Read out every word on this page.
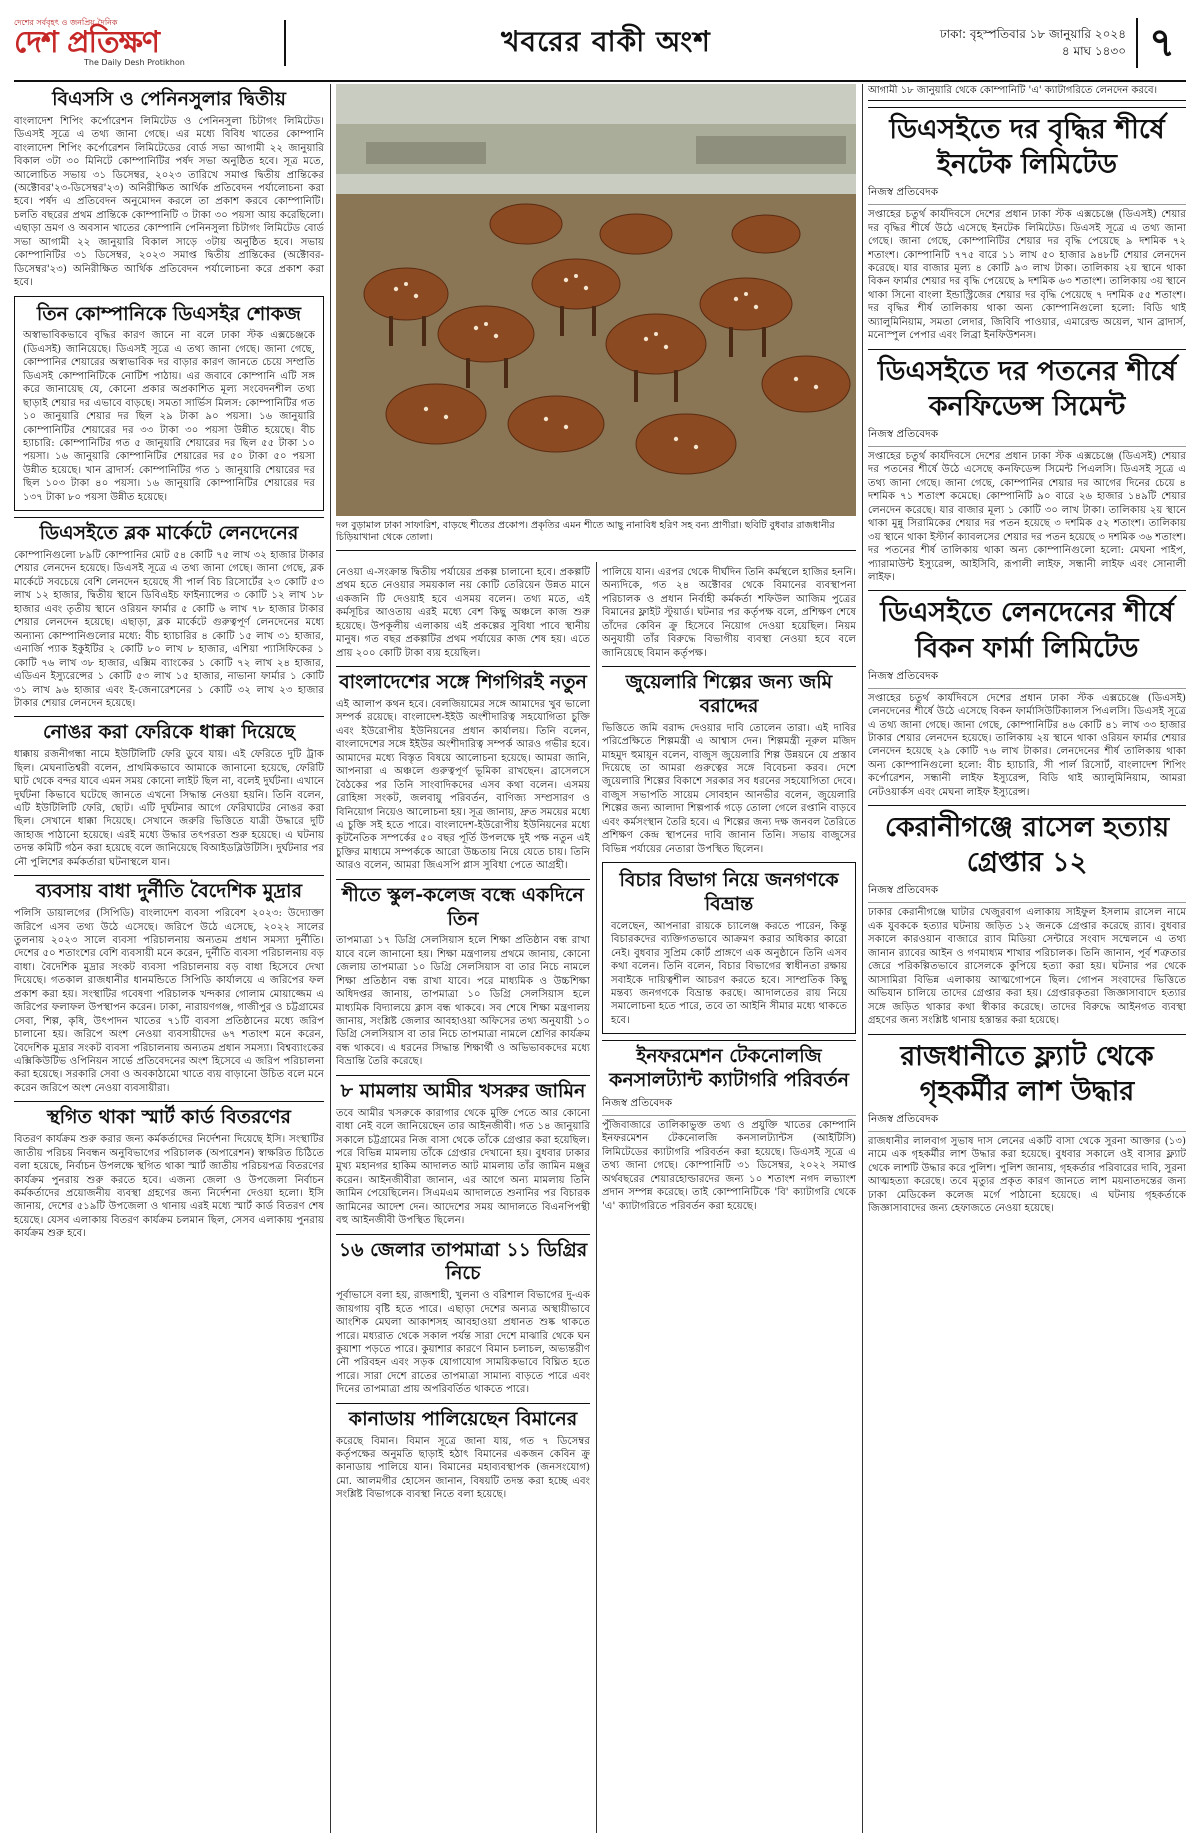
দেশের সর্ববৃহৎ ও জনপ্রিয় দৈনিক
দেশ প্রতিক্ষণ
The Daily Desh Protikhon
খবরের বাকী অংশ	ঢাকা: বৃহস্পতিবার ১৮ জানুয়ারি ২০২৪
৪ মাঘ ১৪৩০ ৭
বিএসসি ও পেনিনসুলার দ্বিতীয়
বাংলাদেশ শিপিং কর্পোরেশন লিমিটেড ও পেনিনসুলা চিটাগং লিমিটেড। ডিএসই সূত্রে এ তথ্য জানা গেছে। এর মধ্যে বিবিধ খাতের কোম্পানি বাংলাদেশ শিপিং কর্পোরেশন লিমিটেডের বোর্ড সভা আগামী ২২ জানুয়ারি বিকাল ৩টা ৩০ মিনিটে কোম্পানিটির পর্ষদ সভা অনুষ্ঠিত হবে। সূত্র মতে, আলোচিত সভায় ৩১ ডিসেম্বর, ২০২৩ তারিখে সমাপ্ত দ্বিতীয় প্রান্তিকের (অক্টোবর'২৩-ডিসেম্বর'২৩) অনিরীক্ষিত আর্থিক প্রতিবেদন পর্যালোচনা করা হবে। পর্ষদ এ প্রতিবেদন অনুমোদন করলে তা প্রকাশ করবে কোম্পানিটি। চলতি বছরের প্রথম প্রান্তিকে কোম্পানিটি ৩ টাকা ৩০ পয়সা আয় করেছিলো। এছাড়া ভ্রমণ ও অবসান খাতের কোম্পানি পেনিনসুলা চিটাগং লিমিটেড বোর্ড সভা আগামী ২২ জানুয়ারি বিকাল সাড়ে ৩টায় অনুষ্ঠিত হবে। সভায় কোম্পানিটির ৩১ ডিসেম্বর, ২০২৩ সমাপ্ত দ্বিতীয় প্রান্তিকের (অক্টোবর-ডিসেম্বর'২৩) অনিরীক্ষিত আর্থিক প্রতিবেদন পর্যালোচনা করে প্রকাশ করা হবে।
তিন কোম্পানিকে ডিএসইর শোকজ
অস্বাভাবিকভাবে বৃদ্ধির কারণ জানে না বলে ঢাকা স্টক এক্সচেঞ্জকে (ডিএসই) জানিয়েছে। ডিএসই সূত্রে এ তথ্য জানা গেছে। জানা গেছে, কোম্পানির শেয়ারের অস্বাভাবিক দর বাড়ার কারণ জানতে চেয়ে সম্প্রতি ডিএসই কোম্পানিটিকে নোটিশ পাঠায়। এর জবাবে কোম্পানি এটি সঙ্গ করে জানায়েছ যে, কোনো প্রকার অপ্রকাশিত মূল্য সংবেদনশীল তথ্য ছাড়াই শেয়ার দর এভাবে বাড়ছে। সমতা সার্ভিস মিলস: কোম্পানিটির গত ১০ জানুয়ারি শেয়ার দর ছিল ২৯ টাকা ৯০ পয়সা। ১৬ জানুয়ারি কোম্পানিটির শেয়ারের দর ৩৩ টাকা ৩০ পয়সা উন্নীত হয়েছে। বীচ হ্যাচারি: কোম্পানিটির গত ৫ জানুয়ারি শেয়ারের দর ছিল ৫৫ টাকা ১০ পয়সা। ১৬ জানুয়ারি কোম্পানিটির শেয়ারের দর ৫০ টাকা ৫০ পয়সা উন্নীত হয়েছে। খান ব্রাদার্স: কোম্পানিটির গত ১ জানুয়ারি শেয়ারের দর ছিল ১০৩ টাকা ৪০ পয়সা। ১৬ জানুয়ারি কোম্পানিটির শেয়ারের দর ১৩৭ টাকা ৮০ পয়সা উন্নীত হয়েছে।
ডিএসইতে ব্লক মার্কেটে লেনদেনের
কোম্পানিগুলো ৮৯টি কোম্পানির মোট ৫৪ কোটি ৭৫ লাখ ৩২ হাজার টাকার শেয়ার লেনদেন হয়েছে। ডিএসই সূত্রে এ তথ্য জানা গেছে। জানা গেছে, ব্লক মার্কেটে সবচেয়ে বেশি লেনদেন হয়েছে সী পার্ল বিচ রিসোর্টের ২৩ কোটি ৫৩ লাখ ১২ হাজার, দ্বিতীয় স্থানে ডিবিএইচ ফাইন্যান্সের ৩ কোটি ১২ লাখ ১৮ হাজার এবং তৃতীয় স্থানে ওরিয়ন ফার্মার ৫ কোটি ৬ লাখ ৭৮ হাজার টাকার শেয়ার লেনদেন হয়েছে। এছাড়া, ব্লক মার্কেটে গুরুত্বপূর্ণ লেনদেনের মধ্যে অন্যান্য কোম্পানিগুলোর মধ্যে: বীচ হ্যাচারির ৪ কোটি ১৫ লাখ ৩১ হাজার, এনার্জি প্যাক ইকুইটির ২ কোটি ৮০ লাখ ৮ হাজার, এশিয়া প্যাসিফিকের ১ কোটি ৭৬ লাখ ৩৮ হাজার, এক্সিম ব্যাংকের ১ কোটি ৭২ লাখ ২৪ হাজার, এডিএন ইস্যুরেন্সের ১ কোটি ৫৩ লাখ ১৫ হাজার, নাভানা ফার্মার ১ কোটি ৩১ লাখ ৯৬ হাজার এবং ই-জেনারেশনের ১ কোটি ৩২ লাখ ২৩ হাজার টাকার শেয়ার লেনদেন হয়েছে।
নোঙর করা ফেরিকে ধাক্কা দিয়েছে
ধাক্কায় রজনীগন্ধা নামে ইউটিলিটি ফেরি ডুবে যায়। এই ফেরিতে দুটি ট্রাক ছিল। মেঘনাতিশ্বরী বলেন, প্রাথমিকভাবে আমাকে জানানো হয়েছে, ফেরিটি ঘাট থেকে বন্দর যাবে এমন সময় কোনো লাইট ছিল না, বলেই দুর্ঘটনা। এখানে দুর্ঘটনা কিভাবে ঘটেছে জানতে এখনো সিদ্ধান্ত নেওয়া হয়নি। তিনি বলেন, এটি ইউটিলিটি ফেরি, ছোট। এটি দুর্ঘটনার আগে ফেরিঘাটের নোঙর করা ছিল। সেখানে ধাক্কা দিয়েছে। সেখানে জরুরি ভিত্তিতে যাত্রী উদ্ধারে দুটি জাহাজ পাঠানো হয়েছে। এরই মধ্যে উদ্ধার তৎপরতা শুরু হয়েছে। এ ঘটনায় তদন্ত কমিটি গঠন করা হয়েছে বলে জানিয়েছে বিআইডব্লিউটিসি। দুর্ঘটনার পর নৌ পুলিশের কর্মকর্তারা ঘটনাস্থলে যান।
ব্যবসায় বাধা দুর্নীতি বৈদেশিক মুদ্রার
পলিসি ডায়ালগের (সিপিডি) বাংলাদেশ ব্যবসা পরিবেশ ২০২৩: উদ্যোক্তা জরিপে এসব তথ্য উঠে এসেছে। জরিপে উঠে এসেছে, ২০২২ সালের তুলনায় ২০২৩ সালে ব্যবসা পরিচালনায় অন্যতম প্রধান সমস্যা দুর্নীতি। দেশের ৫০ শতাংশের বেশি ব্যবসায়ী মনে করেন, দুর্নীতি ব্যবসা পরিচালনায় বড় বাধা। বৈদেশিক মুদ্রার সংকট ব্যবসা পরিচালনায় বড় বাধা হিসেবে দেখা দিয়েছে। গতকাল রাজধানীর ধানমন্ডিতে সিপিডি কার্যালয়ে এ জরিপের ফল প্রকাশ করা হয়। সংস্থাটির গবেষণা পরিচালক খন্দকার গোলাম মোয়াজ্জেম এ জরিপের ফলাফল উপস্থাপন করেন। ঢাকা, নারায়ণগঞ্জ, গাজীপুর ও চট্টগ্রামের সেবা, শিল্প, কৃষি, উৎপাদন খাতের ৭১টি ব্যবসা প্রতিষ্ঠানের মধ্যে জরিপ চালানো হয়। জরিপে অংশ নেওয়া ব্যবসায়ীদের ৬৭ শতাংশ মনে করেন, বৈদেশিক মুদ্রার সংকট ব্যবসা পরিচালনায় অন্যতম প্রধান সমস্যা। বিশ্বব্যাংকের এক্সিকিউটিভ ওপিনিয়ন সার্ভে প্রতিবেদনের অংশ হিসেবে এ জরিপ পরিচালনা করা হয়েছে। সরকারি সেবা ও অবকাঠামো খাতে ব্যয় বাড়ানো উচিত বলে মনে করেন জরিপে অংশ নেওয়া ব্যবসায়ীরা।
স্থগিত থাকা স্মার্ট কার্ড বিতরণের
বিতরণ কার্যক্রম শুরু করার জন্য কর্মকর্তাদের নির্দেশনা দিয়েছে ইসি। সংস্থাটির জাতীয় পরিচয় নিবন্ধন অনুবিভাগের পরিচালক (অপারেশন) স্বাক্ষরিত চিঠিতে বলা হয়েছে, নির্বাচন উপলক্ষে স্থগিত থাকা স্মার্ট জাতীয় পরিচয়পত্র বিতরণের কার্যক্রম পুনরায় শুরু করতে হবে। এজন্য জেলা ও উপজেলা নির্বাচন কর্মকর্তাদের প্রয়োজনীয় ব্যবস্থা গ্রহণের জন্য নির্দেশনা দেওয়া হলো। ইসি জানায়, দেশের ৫১৯টি উপজেলা ও থানায় এরই মধ্যে স্মার্ট কার্ড বিতরণ শেষ হয়েছে। যেসব এলাকায় বিতরণ কার্যক্রম চলমান ছিল, সেসব এলাকায় পুনরায় কার্যক্রম শুরু হবে।
দল বুড়ামাল ঢাকা সাফারিশ, বাড়ছে শীতের প্রকোপ। প্রকৃতির এমন শীতে আছু নানাবিধ হরিণ সহ বন্য প্রাণীরা। ছবিটি বুধবার রাজধানীর চিড়িয়াখানা থেকে তোলা।
নেওয়া এ-সংক্রান্ত দ্বিতীয় পর্যায়ের প্রকল্প চালানো হবে। প্রকল্পটি প্রথম হতে নেওয়ার সময়কাল নয় কোটি তেরিয়েন উন্নত মানে একজনি টি দেওয়াই হবে এসময় বলেন। তথ্য মতে, এই কর্মসূচির আওতায় এরই মধ্যে বেশ কিছু অঞ্চলে কাজ শুরু হয়েছে। উপকূলীয় এলাকায় এই প্রকল্পের সুবিধা পাবে স্থানীয় মানুষ। গত বছর প্রকল্পটির প্রথম পর্যায়ের কাজ শেষ হয়। এতে প্রায় ২০০ কোটি টাকা ব্যয় হয়েছিল।
বাংলাদেশের সঙ্গে শিগগিরই নতুন
এই আলাপ কথন হবে। বেলজিয়ামের সঙ্গে আমাদের খুব ভালো সম্পর্ক রয়েছে। বাংলাদেশ-ইইউ অংশীদারিত্ব সহযোগিতা চুক্তি এবং ইউরোপীয় ইউনিয়নের প্রধান কার্যালয়। তিনি বলেন, বাংলাদেশের সঙ্গে ইইউর অংশীদারিত্ব সম্পর্ক আরও গভীর হবে। আমাদের মধ্যে বিস্তৃত বিষয়ে আলোচনা হয়েছে। আমরা জানি, আপনারা এ অঞ্চলে গুরুত্বপূর্ণ ভূমিকা রাখছেন। ব্রাসেলসে বৈঠকের পর তিনি সাংবাদিকদের এসব কথা বলেন। এসময় রোহিঙ্গা সংকট, জলবায়ু পরিবর্তন, বাণিজ্য সম্প্রসারণ ও বিনিয়োগ নিয়েও আলোচনা হয়। সূত্র জানায়, দ্রুত সময়ের মধ্যে এ চুক্তি সই হতে পারে। বাংলাদেশ-ইউরোপীয় ইউনিয়নের মধ্যে কূটনৈতিক সম্পর্কের ৫০ বছর পূর্তি উপলক্ষে দুই পক্ষ নতুন এই চুক্তির মাধ্যমে সম্পর্ককে আরো উচ্চতায় নিয়ে যেতে চায়। তিনি আরও বলেন, আমরা জিএসপি প্লাস সুবিধা পেতে আগ্রহী।
শীতে স্কুল-কলেজ বন্ধে একদিনে তিন
তাপমাত্রা ১৭ ডিগ্রি সেলসিয়াস হলে শিক্ষা প্রতিষ্ঠান বন্ধ রাখা যাবে বলে জানানো হয়। শিক্ষা মন্ত্রণালয় প্রথমে জানায়, কোনো জেলায় তাপমাত্রা ১০ ডিগ্রি সেলসিয়াস বা তার নিচে নামলে শিক্ষা প্রতিষ্ঠান বন্ধ রাখা যাবে। পরে মাধ্যমিক ও উচ্চশিক্ষা অধিদপ্তর জানায়, তাপমাত্রা ১০ ডিগ্রি সেলসিয়াস হলে মাধ্যমিক বিদ্যালয়ে ক্লাস বন্ধ থাকবে। সব শেষে শিক্ষা মন্ত্রণালয় জানায়, সংশ্লিষ্ট জেলার আবহাওয়া অফিসের তথ্য অনুযায়ী ১০ ডিগ্রি সেলসিয়াস বা তার নিচে তাপমাত্রা নামলে শ্রেণির কার্যক্রম বন্ধ থাকবে। এ ধরনের সিদ্ধান্ত শিক্ষার্থী ও অভিভাবকদের মধ্যে বিভ্রান্তি তৈরি করেছে।
৮ মামলায় আমীর খসরুর জামিন
তবে আমীর খসরুকে কারাগার থেকে মুক্তি পেতে আর কোনো বাধা নেই বলে জানিয়েছেন তার আইনজীবী। গত ১৪ জানুয়ারি সকালে চট্টগ্রামের নিজ বাসা থেকে তাঁকে গ্রেপ্তার করা হয়েছিল। পরে বিভিন্ন মামলায় তাঁকে গ্রেপ্তার দেখানো হয়। বুধবার ঢাকার মুখ্য মহানগর হাকিম আদালত আট মামলায় তাঁর জামিন মঞ্জুর করেন। আইনজীবীরা জানান, এর আগে অন্য মামলায় তিনি জামিন পেয়েছিলেন। সিএমএম আদালতে শুনানির পর বিচারক জামিনের আদেশ দেন। আদেশের সময় আদালতে বিএনপিপন্থী বহু আইনজীবী উপস্থিত ছিলেন।
১৬ জেলার তাপমাত্রা ১১ ডিগ্রির নিচে
পূর্বাভাসে বলা হয়, রাজশাহী, খুলনা ও বরিশাল বিভাগের দু-এক জায়গায় বৃষ্টি হতে পারে। এছাড়া দেশের অন্যত্র অস্থায়ীভাবে আংশিক মেঘলা আকাশসহ আবহাওয়া প্রধানত শুষ্ক থাকতে পারে। মধ্যরাত থেকে সকাল পর্যন্ত সারা দেশে মাঝারি থেকে ঘন কুয়াশা পড়তে পারে। কুয়াশার কারণে বিমান চলাচল, অভ্যন্তরীণ নৌ পরিবহন এবং সড়ক যোগাযোগ সাময়িকভাবে বিঘ্নিত হতে পারে। সারা দেশে রাতের তাপমাত্রা সামান্য বাড়তে পারে এবং দিনের তাপমাত্রা প্রায় অপরিবর্তিত থাকতে পারে।
কানাডায় পালিয়েছেন বিমানের
করেছে বিমান। বিমান সূত্রে জানা যায়, গত ৭ ডিসেম্বর কর্তৃপক্ষের অনুমতি ছাড়াই হঠাৎ বিমানের একজন কেবিন ক্রু কানাডায় পালিয়ে যান। বিমানের মহাব্যবস্থাপক (জনসংযোগ) মো. আলমগীর হোসেন জানান, বিষয়টি তদন্ত করা হচ্ছে এবং সংশ্লিষ্ট বিভাগকে ব্যবস্থা নিতে বলা হয়েছে।
পালিয়ে যান। এরপর থেকে দীর্ঘদিন তিনি কর্মস্থলে হাজির হননি। অন্যদিকে, গত ২৪ অক্টোবর থেকে বিমানের ব্যবস্থাপনা পরিচালক ও প্রধান নির্বাহী কর্মকর্তা শফিউল আজিম পুত্রের বিমানের ফ্লাইট স্টুয়ার্ড। ঘটনার পর কর্তৃপক্ষ বলে, প্রশিক্ষণ শেষে তাঁদের কেবিন ক্রু হিসেবে নিয়োগ দেওয়া হয়েছিল। নিয়ম অনুযায়ী তাঁর বিরুদ্ধে বিভাগীয় ব্যবস্থা নেওয়া হবে বলে জানিয়েছে বিমান কর্তৃপক্ষ।
জুয়েলারি শিল্পের জন্য জমি বরাদ্দের
ভিত্তিতে জমি বরাদ্দ দেওয়ার দাবি তোলেন তারা। এই দাবির পরিপ্রেক্ষিতে শিল্পমন্ত্রী এ আশ্বাস দেন। শিল্পমন্ত্রী নূরুল মজিদ মাহমুদ হুমায়ূন বলেন, বাজুস জুয়েলারি শিল্প উন্নয়নে যে প্রস্তাব দিয়েছে তা আমরা গুরুত্বের সঙ্গে বিবেচনা করব। দেশে জুয়েলারি শিল্পের বিকাশে সরকার সব ধরনের সহযোগিতা দেবে। বাজুস সভাপতি সায়েম সোবহান আনভীর বলেন, জুয়েলারি শিল্পের জন্য আলাদা শিল্পপার্ক গড়ে তোলা গেলে রপ্তানি বাড়বে এবং কর্মসংস্থান তৈরি হবে। এ শিল্পের জন্য দক্ষ জনবল তৈরিতে প্রশিক্ষণ কেন্দ্র স্থাপনের দাবি জানান তিনি। সভায় বাজুসের বিভিন্ন পর্যায়ের নেতারা উপস্থিত ছিলেন।
বিচার বিভাগ নিয়ে জনগণকে বিভ্রান্ত
বলেছেন, আপনারা রায়কে চ্যালেঞ্জ করতে পারেন, কিন্তু বিচারকদের ব্যক্তিগতভাবে আক্রমণ করার অধিকার কারো নেই। বুধবার সুপ্রিম কোর্ট প্রাঙ্গণে এক অনুষ্ঠানে তিনি এসব কথা বলেন। তিনি বলেন, বিচার বিভাগের স্বাধীনতা রক্ষায় সবাইকে দায়িত্বশীল আচরণ করতে হবে। সাম্প্রতিক কিছু মন্তব্য জনগণকে বিভ্রান্ত করছে। আদালতের রায় নিয়ে সমালোচনা হতে পারে, তবে তা আইনি সীমার মধ্যে থাকতে হবে।
ইনফরমেশন টেকনোলজি কনসালট্যান্ট ক্যাটাগরি পরিবর্তন
নিজস্ব প্রতিবেদক
পুঁজিবাজারে তালিকাভুক্ত তথ্য ও প্রযুক্তি খাতের কোম্পানি ইনফরমেশন টেকনোলজি কনসালট্যান্টস (আইটিসি) লিমিটেডের ক্যাটাগরি পরিবর্তন করা হয়েছে। ডিএসই সূত্রে এ তথ্য জানা গেছে। কোম্পানিটি ৩১ ডিসেম্বর, ২০২২ সমাপ্ত অর্থবছরের শেয়ারহোল্ডারদের জন্য ১০ শতাংশ নগদ লভ্যাংশ প্রদান সম্পন্ন করেছে। তাই কোম্পানিটিকে 'বি' ক্যাটাগরি থেকে 'এ' ক্যাটাগরিতে পরিবর্তন করা হয়েছে।
আগামী ১৮ জানুয়ারি থেকে কোম্পানিটি 'এ' ক্যাটাগরিতে লেনদেন করবে।
ডিএসইতে দর বৃদ্ধির শীর্ষে ইনটেক লিমিটেড
নিজস্ব প্রতিবেদক
সপ্তাহের চতুর্থ কার্যদিবসে দেশের প্রধান ঢাকা স্টক এক্সচেঞ্জে (ডিএসই) শেয়ার দর বৃদ্ধির শীর্ষে উঠে এসেছে ইনটেক লিমিটেড। ডিএসই সূত্রে এ তথ্য জানা গেছে। জানা গেছে, কোম্পানিটির শেয়ার দর বৃদ্ধি পেয়েছে ৯ দশমিক ৭২ শতাংশ। কোম্পানিটি ৭৭৫ বারে ১১ লাখ ৫০ হাজার ৯৪৮টি শেয়ার লেনদেন করেছে। যার বাজার মূল্য ৪ কোটি ৯৩ লাখ টাকা। তালিকায় ২য় স্থানে থাকা বিকন ফার্মার শেয়ার দর বৃদ্ধি পেয়েছে ৯ দশমিক ৬৩ শতাংশ। তালিকায় ৩য় স্থানে থাকা সিনো বাংলা ইন্ডাস্ট্রিজের শেয়ার দর বৃদ্ধি পেয়েছে ৭ দশমিক ৫৫ শতাংশ। দর বৃদ্ধির শীর্ষ তালিকায় থাকা অন্য কোম্পানিগুলো হলো: বিডি থাই অ্যালুমিনিয়াম, সমতা লেদার, জিবিবি পাওয়ার, এমারেল্ড অয়েল, খান ব্রাদার্স, মনোস্পুল পেপার এবং লিব্রা ইনফিউশনস।
ডিএসইতে দর পতনের শীর্ষে কনফিডেন্স সিমেন্ট
নিজস্ব প্রতিবেদক
সপ্তাহের চতুর্থ কার্যদিবসে দেশের প্রধান ঢাকা স্টক এক্সচেঞ্জে (ডিএসই) শেয়ার দর পতনের শীর্ষে উঠে এসেছে কনফিডেন্স সিমেন্ট পিএলসি। ডিএসই সূত্রে এ তথ্য জানা গেছে। জানা গেছে, কোম্পানির শেয়ার দর আগের দিনের চেয়ে ৪ দশমিক ৭১ শতাংশ কমেছে। কোম্পানিটি ৯০ বারে ২৬ হাজার ১৪৯টি শেয়ার লেনদেন করেছে। যার বাজার মূল্য ১ কোটি ৩০ লাখ টাকা। তালিকায় ২য় স্থানে থাকা মুন্নু সিরামিকের শেয়ার দর পতন হয়েছে ৩ দশমিক ৫২ শতাংশ। তালিকায় ৩য় স্থানে থাকা ইস্টার্ন ক্যাবলসের শেয়ার দর পতন হয়েছে ৩ দশমিক ৩৬ শতাংশ। দর পতনের শীর্ষ তালিকায় থাকা অন্য কোম্পানিগুলো হলো: মেঘনা পাইপ, প্যারামাউন্ট ইস্যুরেন্স, আইসিবি, রূপালী লাইফ, সন্ধানী লাইফ এবং সোনালী লাইফ।
ডিএসইতে লেনদেনের শীর্ষে বিকন ফার্মা লিমিটেড
নিজস্ব প্রতিবেদক
সপ্তাহের চতুর্থ কার্যদিবসে দেশের প্রধান ঢাকা স্টক এক্সচেঞ্জে (ডিএসই) লেনদেনের শীর্ষে উঠে এসেছে বিকন ফার্মাসিউটিক্যালস পিএলসি। ডিএসই সূত্রে এ তথ্য জানা গেছে। জানা গেছে, কোম্পানিটির ৪৬ কোটি ৪১ লাখ ৩৩ হাজার টাকার শেয়ার লেনদেন হয়েছে। তালিকায় ২য় স্থানে থাকা ওরিয়ন ফার্মার শেয়ার লেনদেন হয়েছে ২৯ কোটি ৭৬ লাখ টাকার। লেনদেনের শীর্ষ তালিকায় থাকা অন্য কোম্পানিগুলো হলো: বীচ হ্যাচারি, সী পার্ল রিসোর্ট, বাংলাদেশ শিপিং কর্পোরেশন, সন্ধানী লাইফ ইস্যুরেন্স, বিডি থাই অ্যালুমিনিয়াম, আমরা নেটওয়ার্কস এবং মেঘনা লাইফ ইস্যুরেন্স।
কেরানীগঞ্জে রাসেল হত্যায় গ্রেপ্তার ১২
নিজস্ব প্রতিবেদক
ঢাকার কেরানীগঞ্জে ঘাটার খেজুরবাগ এলাকায় সাইফুল ইসলাম রাসেল নামে এক যুবককে হত্যার ঘটনায় জড়িত ১২ জনকে গ্রেপ্তার করেছে র‌্যাব। বুধবার সকালে কারওয়ান বাজারে র‌্যাব মিডিয়া সেন্টারে সংবাদ সম্মেলনে এ তথ্য জানান র‌্যাবের আইন ও গণমাধ্যম শাখার পরিচালক। তিনি জানান, পূর্ব শত্রুতার জেরে পরিকল্পিতভাবে রাসেলকে কুপিয়ে হত্যা করা হয়। ঘটনার পর থেকে আসামিরা বিভিন্ন এলাকায় আত্মগোপনে ছিল। গোপন সংবাদের ভিত্তিতে অভিযান চালিয়ে তাদের গ্রেপ্তার করা হয়। গ্রেপ্তারকৃতরা জিজ্ঞাসাবাদে হত্যার সঙ্গে জড়িত থাকার কথা স্বীকার করেছে। তাদের বিরুদ্ধে আইনগত ব্যবস্থা গ্রহণের জন্য সংশ্লিষ্ট থানায় হস্তান্তর করা হয়েছে।
রাজধানীতে ফ্ল্যাট থেকে গৃহকর্মীর লাশ উদ্ধার
নিজস্ব প্রতিবেদক
রাজধানীর লালবাগ সুভাষ দাস লেনের একটি বাসা থেকে সুরনা আক্তার (১৩) নামে এক গৃহকর্মীর লাশ উদ্ধার করা হয়েছে। বুধবার সকালে ওই বাসার ফ্ল্যাট থেকে লাশটি উদ্ধার করে পুলিশ। পুলিশ জানায়, গৃহকর্তার পরিবারের দাবি, সুরনা আত্মহত্যা করেছে। তবে মৃত্যুর প্রকৃত কারণ জানতে লাশ ময়নাতদন্তের জন্য ঢাকা মেডিকেল কলেজ মর্গে পাঠানো হয়েছে। এ ঘটনায় গৃহকর্তাকে জিজ্ঞাসাবাদের জন্য হেফাজতে নেওয়া হয়েছে।
